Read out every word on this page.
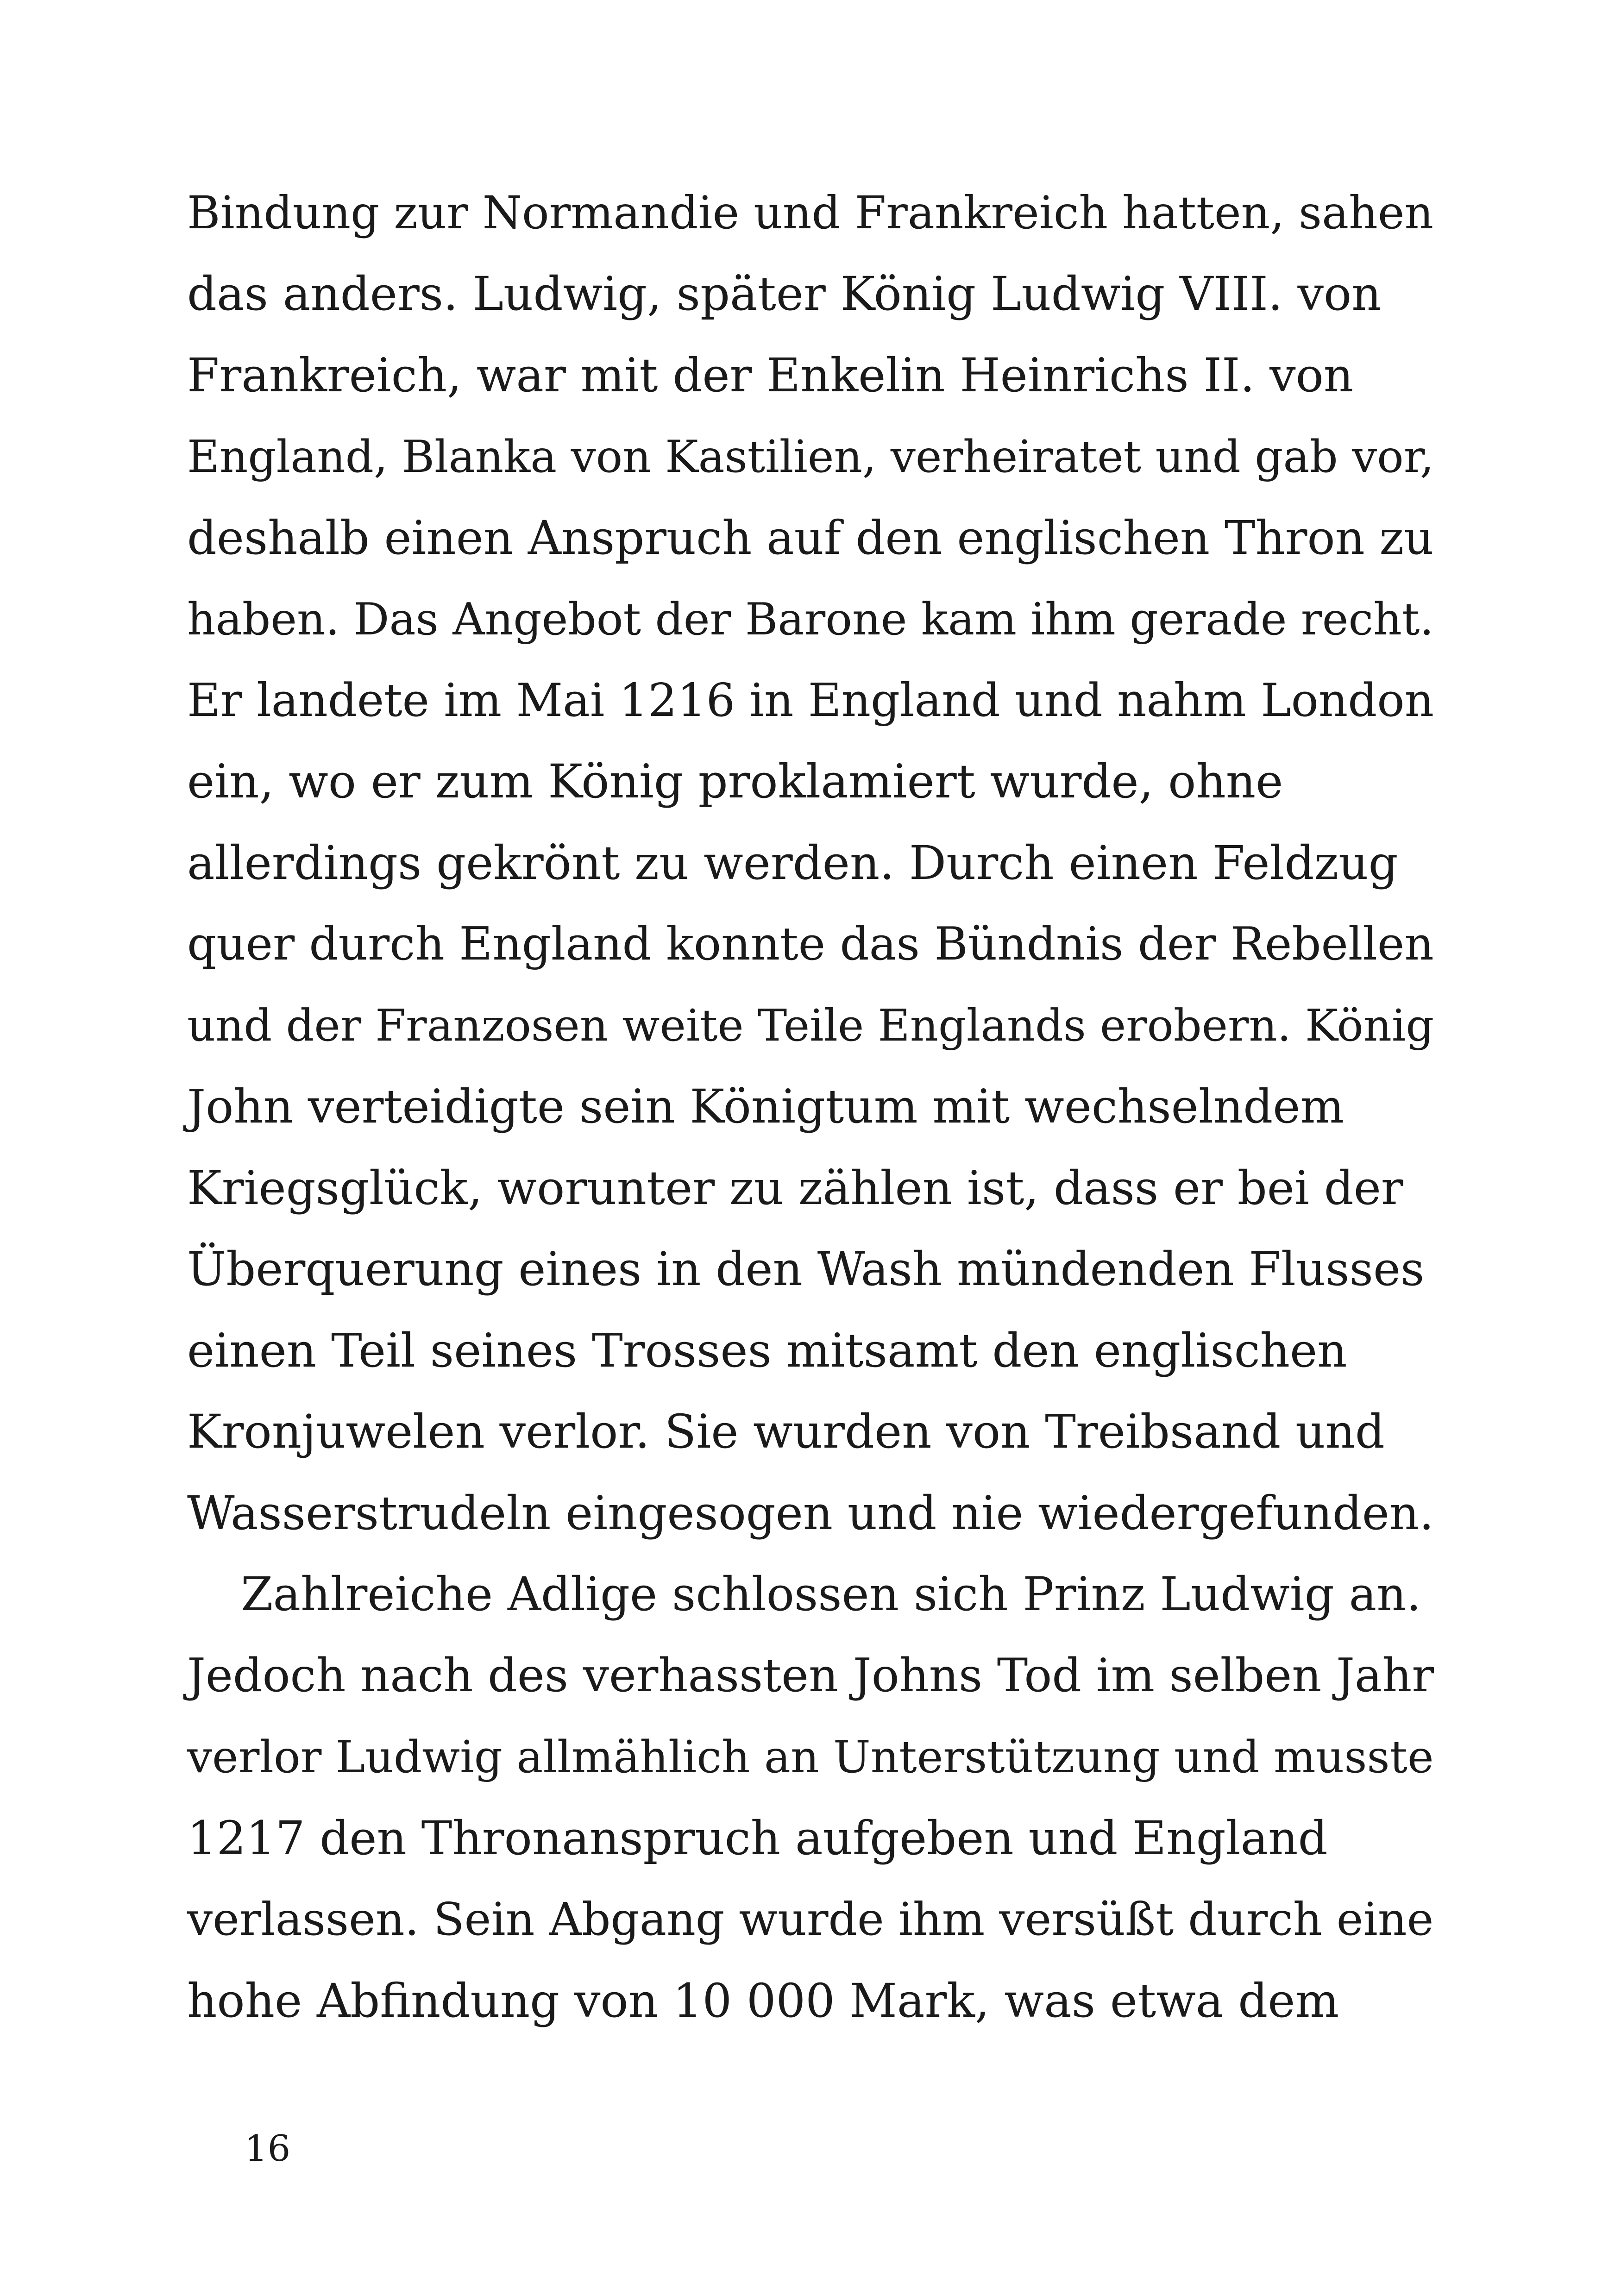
Bindung zur Normandie und Frankreich hatten, sahen
das anders. Ludwig, später König Ludwig VIII. von
Frankreich, war mit der Enkelin Heinrichs II. von
England, Blanka von Kastilien, verheiratet und gab vor,
deshalb einen Anspruch auf den englischen Thron zu
haben. Das Angebot der Barone kam ihm gerade recht.
Er landete im Mai 1216 in England und nahm London
ein, wo er zum König proklamiert wurde, ohne
allerdings gekrönt zu werden. Durch einen Feldzug
quer durch England konnte das Bündnis der Rebellen
und der Franzosen weite Teile Englands erobern. König
John verteidigte sein Königtum mit wechselndem
Kriegsglück, worunter zu zählen ist, dass er bei der
Überquerung eines in den Wash mündenden Flusses
einen Teil seines Trosses mitsamt den englischen
Kronjuwelen verlor. Sie wurden von Treibsand und
Wasserstrudeln eingesogen und nie wiedergefunden.
Zahlreiche Adlige schlossen sich Prinz Ludwig an.
Jedoch nach des verhassten Johns Tod im selben Jahr
verlor Ludwig allmählich an Unterstützung und musste
1217 den Thronanspruch aufgeben und England
verlassen. Sein Abgang wurde ihm versüßt durch eine
hohe Abfindung von 10 000 Mark, was etwa dem
16
